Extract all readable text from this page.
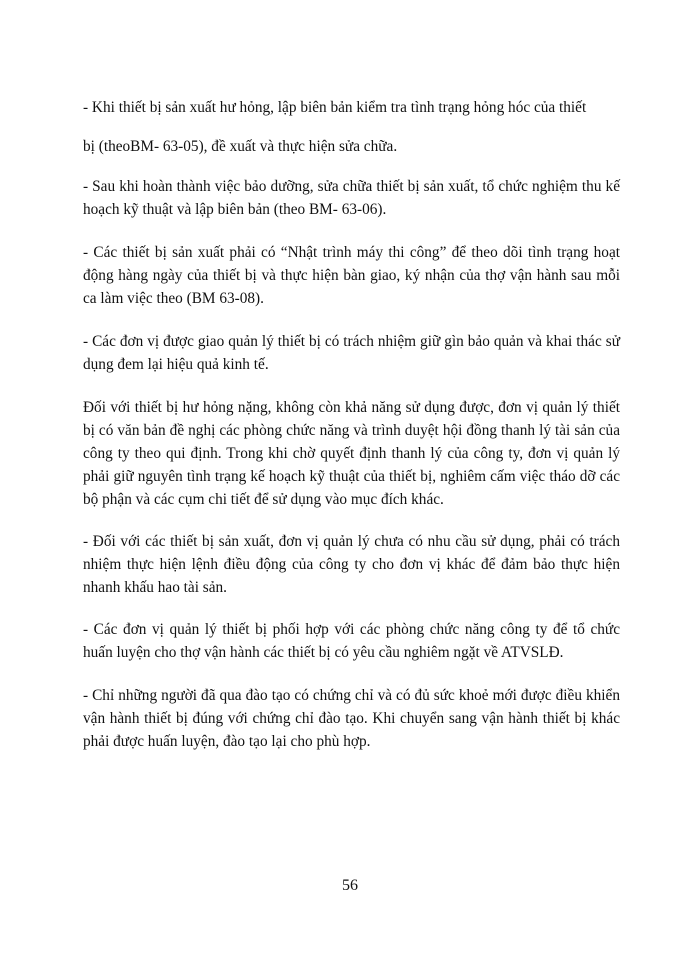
- Khi thiết bị sản xuất hư hỏng, lập biên bản kiểm tra tình trạng hỏng hóc của thiết

bị (theoBM- 63-05), đề xuất và thực hiện sửa chữa.

- Sau khi hoàn thành việc bảo dưỡng, sửa chữa thiết bị sản xuất, tổ chức nghiệm thu kế hoạch kỹ thuật và lập biên bản (theo BM- 63-06).

- Các thiết bị sản xuất phải có “Nhật trình máy thi công” để theo dõi tình trạng hoạt động hàng ngày của thiết bị và thực hiện bàn giao, ký nhận của thợ vận hành sau mỗi ca làm việc theo (BM 63-08).

- Các đơn vị được giao quản lý thiết bị có trách nhiệm giữ gìn bảo quản và khai thác sử dụng đem lại hiệu quả kinh tế.

Đối với thiết bị hư hỏng nặng, không còn khả năng sử dụng được, đơn vị quản lý thiết bị có văn bản đề nghị các phòng chức năng và trình duyệt hội đồng thanh lý tài sản của công ty theo qui định. Trong khi chờ quyết định thanh lý của công ty, đơn vị quản lý phải giữ nguyên tình trạng kế hoạch kỹ thuật của thiết bị, nghiêm cấm việc tháo dỡ các bộ phận và các cụm chi tiết để sử dụng vào mục đích khác.

- Đối với các thiết bị sản xuất, đơn vị quản lý chưa có nhu cầu sử dụng, phải có trách nhiệm thực hiện lệnh điều động của công ty cho đơn vị khác để đảm bảo thực hiện nhanh khấu hao tài sản.

- Các đơn vị quản lý thiết bị phối hợp với các phòng chức năng công ty để tổ chức huấn luyện cho thợ vận hành các thiết bị có yêu cầu nghiêm ngặt về ATVSLĐ.

- Chỉ những người đã qua đào tạo có chứng chỉ và có đủ sức khoẻ mới được điều khiển vận hành thiết bị đúng với chứng chỉ đào tạo. Khi chuyển sang vận hành thiết bị khác phải được huấn luyện, đào tạo lại cho phù hợp.

56
